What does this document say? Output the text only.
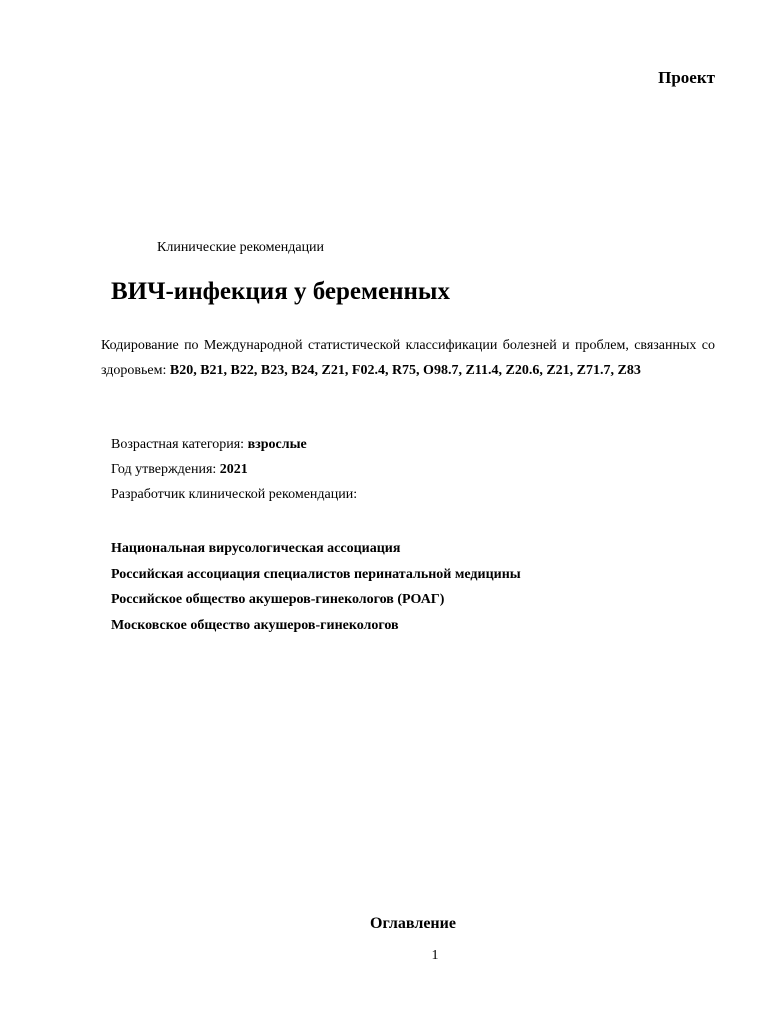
Проект
Клинические рекомендации
ВИЧ-инфекция у беременных

Кодирование по Международной статистической классификации болезней и проблем, связанных со здоровьем: B20, B21, B22, B23, B24, Z21, F02.4, R75, O98.7, Z11.4, Z20.6, Z21, Z71.7, Z83

Возрастная категория: взрослые
Год утверждения: 2021
Разработчик клинической рекомендации:
Национальная вирусологическая ассоциация
Российская ассоциация специалистов перинатальной медицины
Российское общество акушеров-гинекологов (РОАГ)
Московское общество акушеров-гинекологов
Оглавление
1
